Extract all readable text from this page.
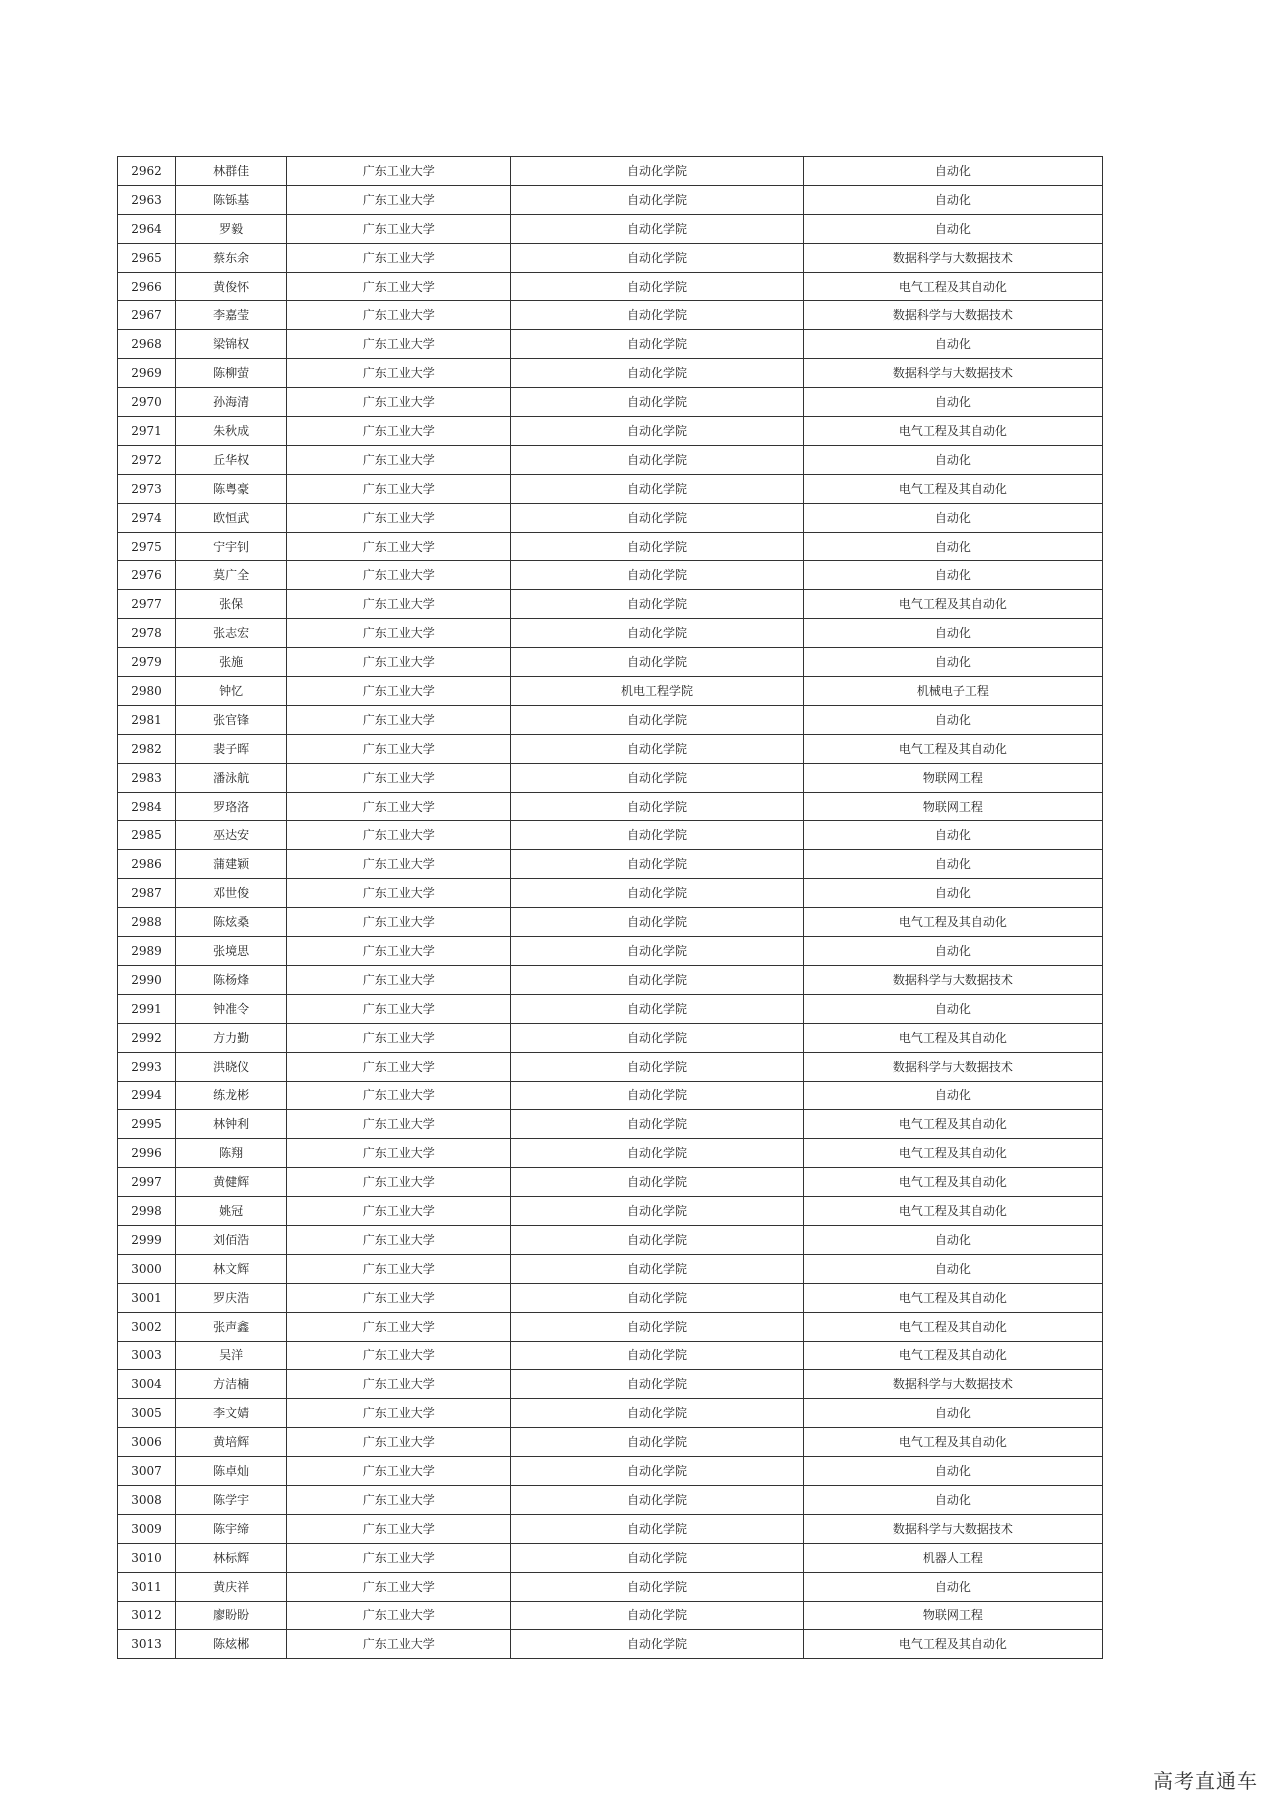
2962	林群佳	广东工业大学	自动化学院	自动化
2963	陈铄基	广东工业大学	自动化学院	自动化
2964	罗毅	广东工业大学	自动化学院	自动化
2965	蔡东余	广东工业大学	自动化学院	数据科学与大数据技术
2966	黄俊怀	广东工业大学	自动化学院	电气工程及其自动化
2967	李嘉莹	广东工业大学	自动化学院	数据科学与大数据技术
2968	梁锦权	广东工业大学	自动化学院	自动化
2969	陈柳萤	广东工业大学	自动化学院	数据科学与大数据技术
2970	孙海清	广东工业大学	自动化学院	自动化
2971	朱秋成	广东工业大学	自动化学院	电气工程及其自动化
2972	丘华权	广东工业大学	自动化学院	自动化
2973	陈粤豪	广东工业大学	自动化学院	电气工程及其自动化
2974	欧恒武	广东工业大学	自动化学院	自动化
2975	宁宇钊	广东工业大学	自动化学院	自动化
2976	莫广全	广东工业大学	自动化学院	自动化
2977	张保	广东工业大学	自动化学院	电气工程及其自动化
2978	张志宏	广东工业大学	自动化学院	自动化
2979	张施	广东工业大学	自动化学院	自动化
2980	钟忆	广东工业大学	机电工程学院	机械电子工程
2981	张官锋	广东工业大学	自动化学院	自动化
2982	裴子晖	广东工业大学	自动化学院	电气工程及其自动化
2983	潘泳航	广东工业大学	自动化学院	物联网工程
2984	罗珞洛	广东工业大学	自动化学院	物联网工程
2985	巫达安	广东工业大学	自动化学院	自动化
2986	蒲建颖	广东工业大学	自动化学院	自动化
2987	邓世俊	广东工业大学	自动化学院	自动化
2988	陈炫桑	广东工业大学	自动化学院	电气工程及其自动化
2989	张境思	广东工业大学	自动化学院	自动化
2990	陈杨烽	广东工业大学	自动化学院	数据科学与大数据技术
2991	钟准令	广东工业大学	自动化学院	自动化
2992	方力勤	广东工业大学	自动化学院	电气工程及其自动化
2993	洪晓仪	广东工业大学	自动化学院	数据科学与大数据技术
2994	练龙彬	广东工业大学	自动化学院	自动化
2995	林钟利	广东工业大学	自动化学院	电气工程及其自动化
2996	陈翔	广东工业大学	自动化学院	电气工程及其自动化
2997	黄健辉	广东工业大学	自动化学院	电气工程及其自动化
2998	姚冠	广东工业大学	自动化学院	电气工程及其自动化
2999	刘佰浩	广东工业大学	自动化学院	自动化
3000	林文辉	广东工业大学	自动化学院	自动化
3001	罗庆浩	广东工业大学	自动化学院	电气工程及其自动化
3002	张声鑫	广东工业大学	自动化学院	电气工程及其自动化
3003	吴洋	广东工业大学	自动化学院	电气工程及其自动化
3004	方洁楠	广东工业大学	自动化学院	数据科学与大数据技术
3005	李文婧	广东工业大学	自动化学院	自动化
3006	黄培辉	广东工业大学	自动化学院	电气工程及其自动化
3007	陈卓灿	广东工业大学	自动化学院	自动化
3008	陈学宇	广东工业大学	自动化学院	自动化
3009	陈宇缔	广东工业大学	自动化学院	数据科学与大数据技术
3010	林标辉	广东工业大学	自动化学院	机器人工程
3011	黄庆祥	广东工业大学	自动化学院	自动化
3012	廖盼盼	广东工业大学	自动化学院	物联网工程
3013	陈炫郴	广东工业大学	自动化学院	电气工程及其自动化
高考直通车
